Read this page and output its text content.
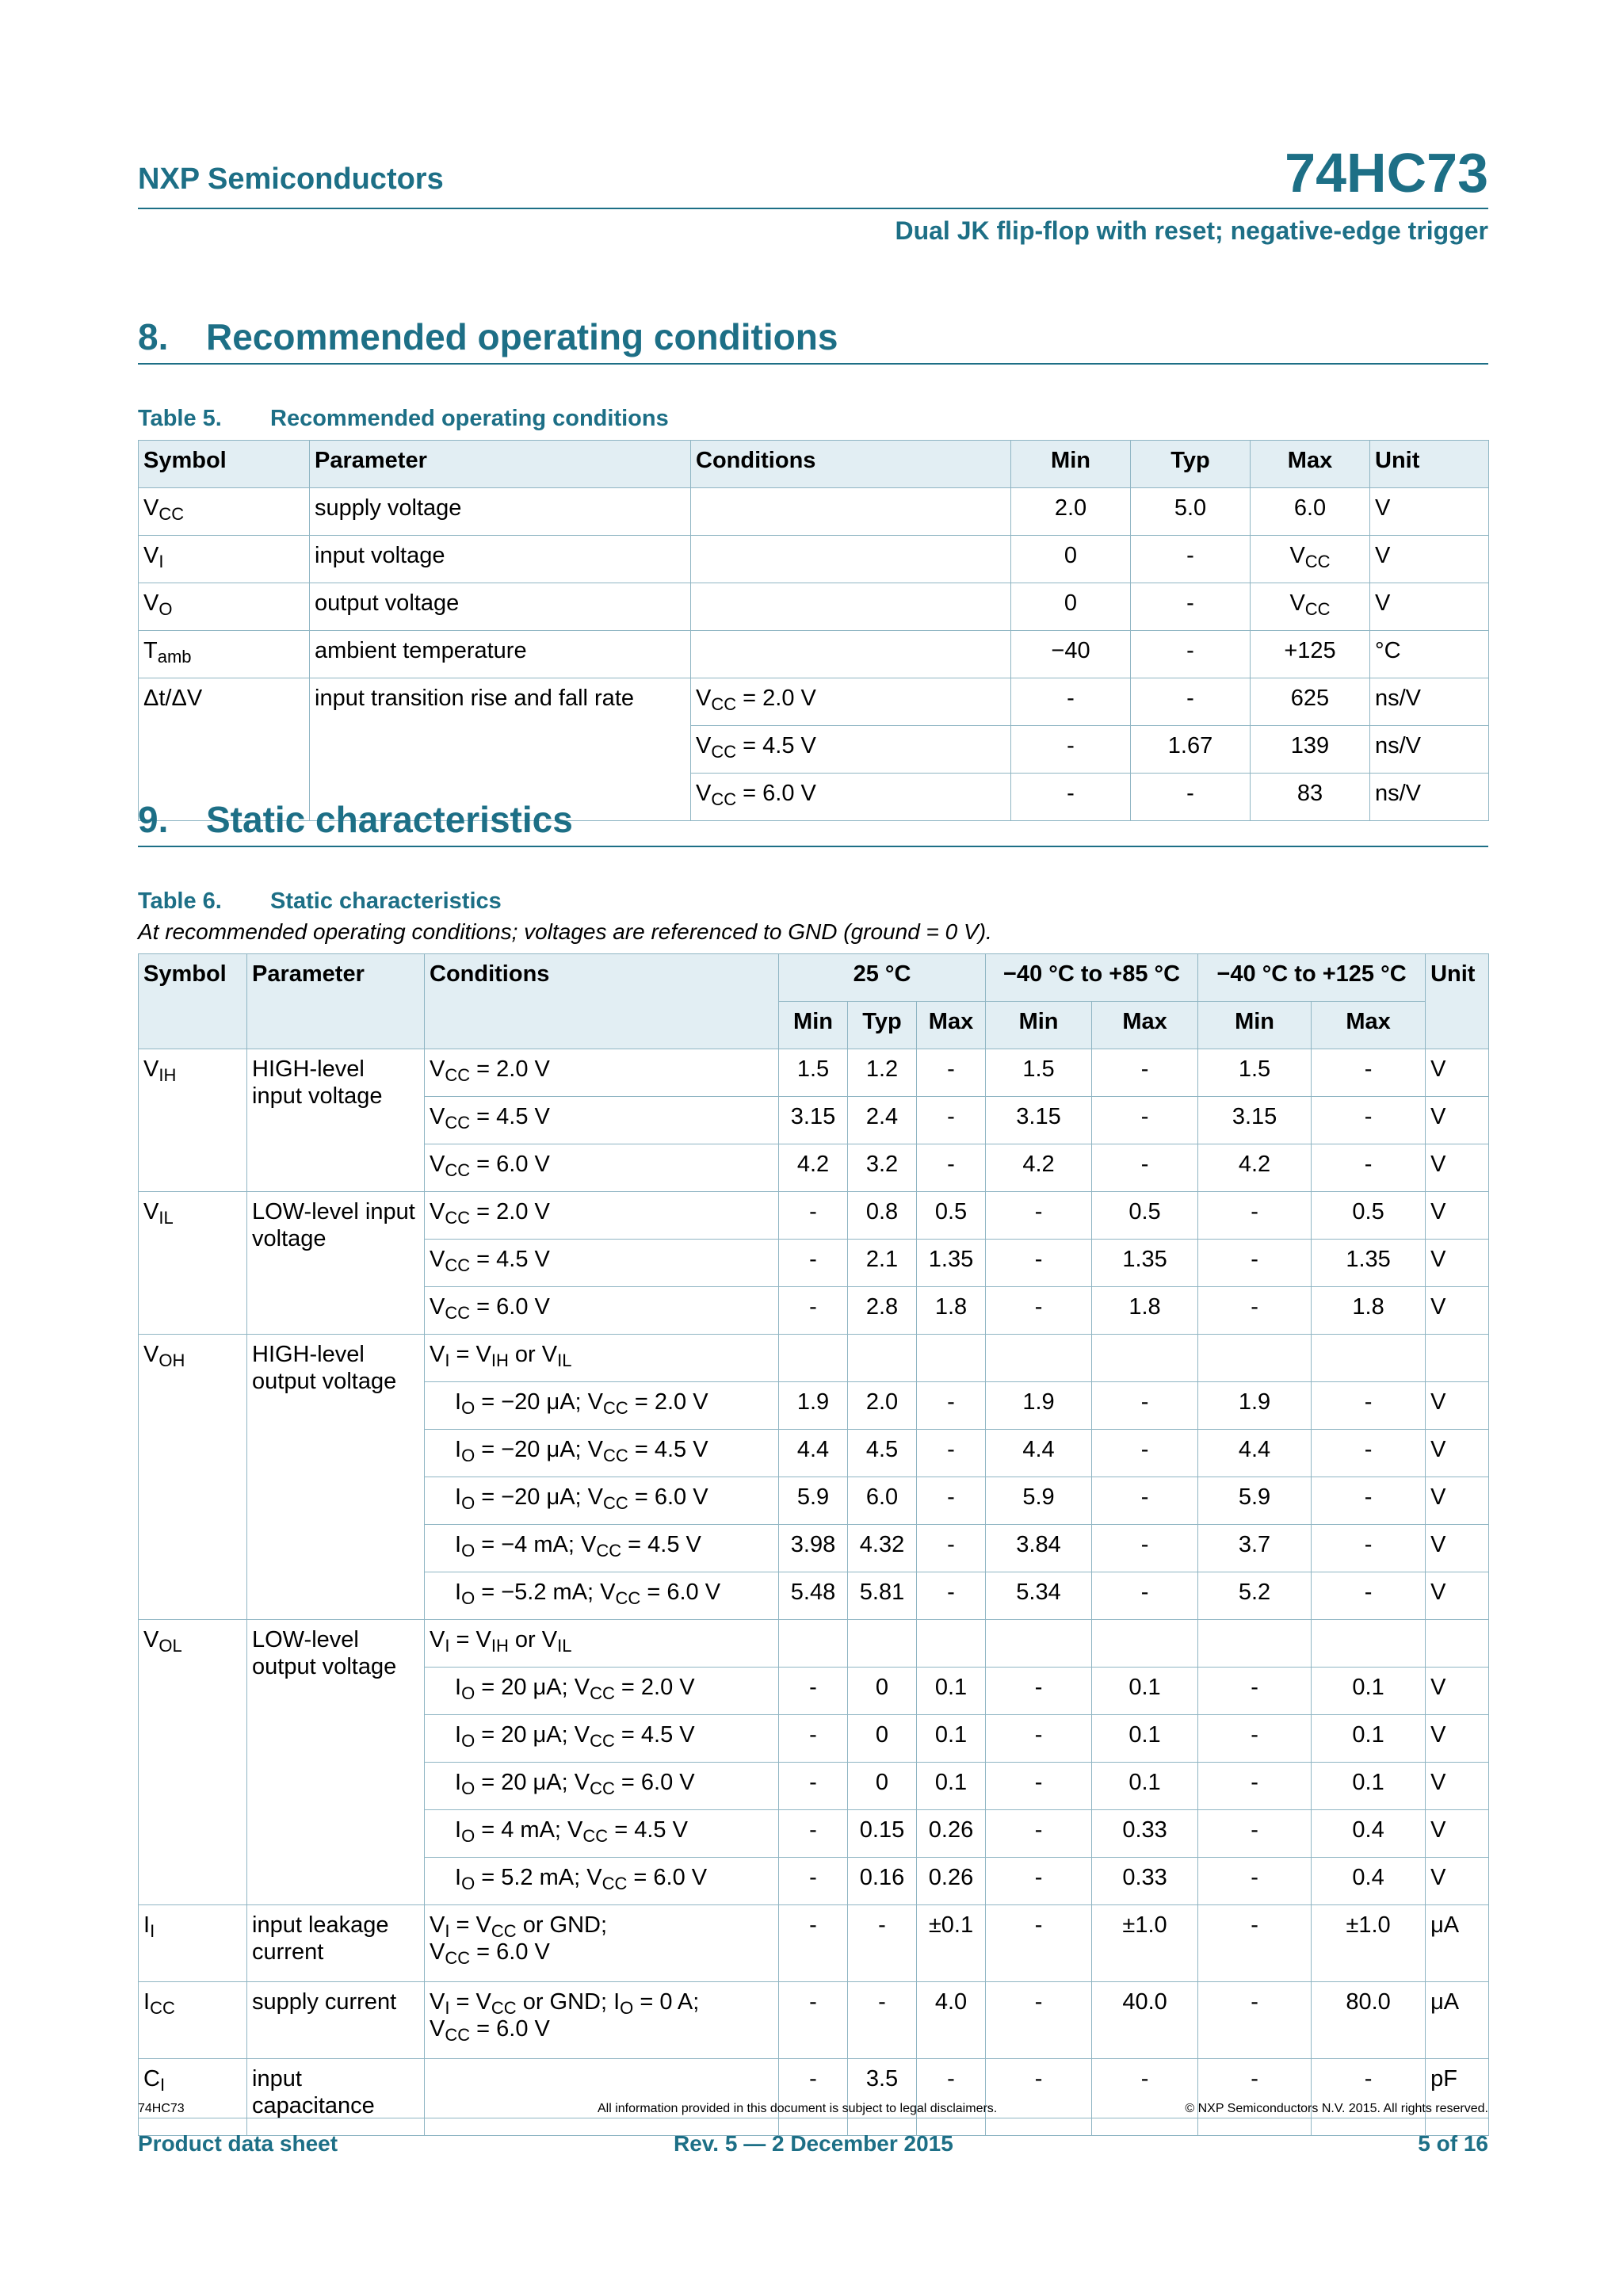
NXP Semiconductors	74HC73
Dual JK flip-flop with reset; negative-edge trigger
8. Recommended operating conditions
Table 5. Recommended operating conditions
Symbol	Parameter	Conditions	Min	Typ	Max	Unit
$V_{CC}$	supply voltage		2.0	5.0	6.0	V
$V_I$	input voltage		0	-	$V_{CC}$	V
$V_O$	output voltage		0	-	$V_{CC}$	V
$T_{amb}$	ambient temperature		−40	-	+125	°C
Δt/ΔV	input transition rise and fall rate	$V_{CC} = 2.0$ V	-	-	625	ns/V
		$V_{CC} = 4.5$ V	-	1.67	139	ns/V
		$V_{CC} = 6.0$ V	-	-	83	ns/V
9. Static characteristics
Table 6. Static characteristics
At recommended operating conditions; voltages are referenced to GND (ground = 0 V).
Symbol	Parameter	Conditions	25 °C			−40 °C to +85 °C		−40 °C to +125 °C		Unit
			Min	Typ	Max	Min	Max	Min	Max	
$V_{IH}$	HIGH-level input voltage	$V_{CC} = 2.0$ V	1.5	1.2	-	1.5	-	1.5	-	V
		$V_{CC} = 4.5$ V	3.15	2.4	-	3.15	-	3.15	-	V
		$V_{CC} = 6.0$ V	4.2	3.2	-	4.2	-	4.2	-	V
$V_{IL}$	LOW-level input voltage	$V_{CC} = 2.0$ V	-	0.8	0.5	-	0.5	-	0.5	V
		$V_{CC} = 4.5$ V	-	2.1	1.35	-	1.35	-	1.35	V
		$V_{CC} = 6.0$ V	-	2.8	1.8	-	1.8	-	1.8	V
$V_{OH}$	HIGH-level output voltage	$V_I = V_{IH}$ or $V_{IL}$								
		$I_O = -20$ μA; $V_{CC} = 2.0$ V	1.9	2.0	-	1.9	-	1.9	-	V
		$I_O = -20$ μA; $V_{CC} = 4.5$ V	4.4	4.5	-	4.4	-	4.4	-	V
		$I_O = -20$ μA; $V_{CC} = 6.0$ V	5.9	6.0	-	5.9	-	5.9	-	V
		$I_O = -4$ mA; $V_{CC} = 4.5$ V	3.98	4.32	-	3.84	-	3.7	-	V
		$I_O = -5.2$ mA; $V_{CC} = 6.0$ V	5.48	5.81	-	5.34	-	5.2	-	V
$V_{OL}$	LOW-level output voltage	$V_I = V_{IH}$ or $V_{IL}$								
		$I_O = 20$ μA; $V_{CC} = 2.0$ V	-	0	0.1	-	0.1	-	0.1	V
		$I_O = 20$ μA; $V_{CC} = 4.5$ V	-	0	0.1	-	0.1	-	0.1	V
		$I_O = 20$ μA; $V_{CC} = 6.0$ V	-	0	0.1	-	0.1	-	0.1	V
		$I_O = 4$ mA; $V_{CC} = 4.5$ V	-	0.15	0.26	-	0.33	-	0.4	V
		$I_O = 5.2$ mA; $V_{CC} = 6.0$ V	-	0.16	0.26	-	0.33	-	0.4	V
$I_I$	input leakage current	$V_I = V_{CC}$ or GND;
$V_{CC} = 6.0$ V	-	-	±0.1	-	±1.0	-	±1.0	μA
$I_{CC}$	supply current	$V_I = V_{CC}$ or GND; $I_O = 0$ A;
$V_{CC} = 6.0$ V	-	-	4.0	-	40.0	-	80.0	μA
$C_I$	input capacitance		-	3.5	-	-	-	-	-	pF
74HC73	All information provided in this document is subject to legal disclaimers.	© NXP Semiconductors N.V. 2015. All rights reserved.
Product data sheet	Rev. 5 — 2 December 2015	5 of 16
